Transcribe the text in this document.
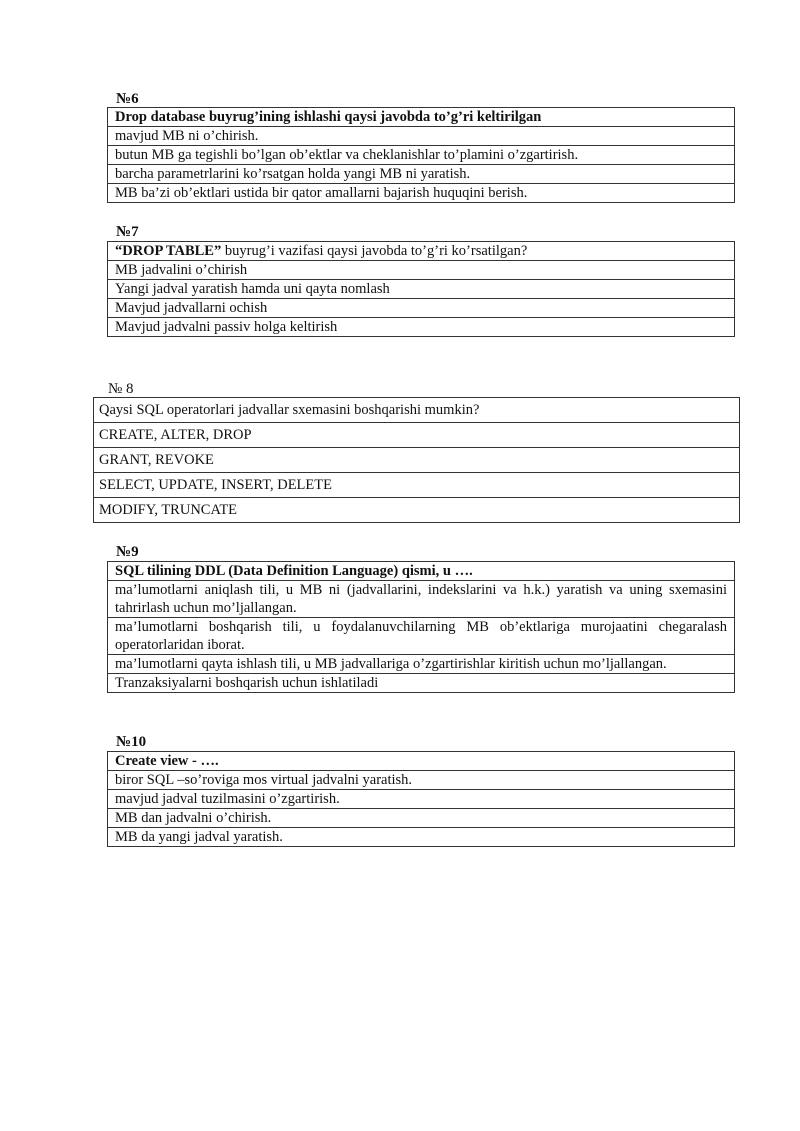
№6
Drop database buyrug’ining ishlashi qaysi javobda to’g’ri keltirilgan
mavjud MB ni o’chirish.
butun MB ga tegishli bo’lgan ob’ektlar va cheklanishlar to’plamini o’zgartirish.
barcha parametrlarini ko’rsatgan holda yangi MB ni yaratish.
MB ba’zi ob’ektlari ustida bir qator amallarni bajarish huquqini berish.
№7
“DROP TABLE” buyrug’i vazifasi qaysi javobda to’g’ri ko’rsatilgan?
MB jadvalini o’chirish
Yangi jadval yaratish hamda uni qayta nomlash
Mavjud jadvallarni ochish
Mavjud jadvalni passiv holga keltirish
№ 8
Qaysi SQL operatorlari jadvallar sxemasini boshqarishi mumkin?
CREATE, ALTER, DROP
GRANT, REVOKE
SELECT, UPDATE, INSERT, DELETE
MODIFY, TRUNCATE
№9
SQL tilining DDL (Data Definition Language) qismi, u ….
ma’lumotlarni aniqlash tili, u MB ni (jadvallarini, indekslarini va h.k.) yaratish va uning sxemasini tahrirlash uchun mo’ljallangan.
ma’lumotlarni boshqarish tili, u foydalanuvchilarning MB ob’ektlariga murojaatini chegaralash operatorlaridan iborat.
ma’lumotlarni qayta ishlash tili, u MB jadvallariga o’zgartirishlar kiritish uchun mo’ljallangan.
Tranzaksiyalarni boshqarish uchun ishlatiladi
№10
Create view - ….
biror SQL –so’roviga mos virtual jadvalni yaratish.
mavjud jadval tuzilmasini o’zgartirish.
MB dan jadvalni o’chirish.
MB da yangi jadval yaratish.
